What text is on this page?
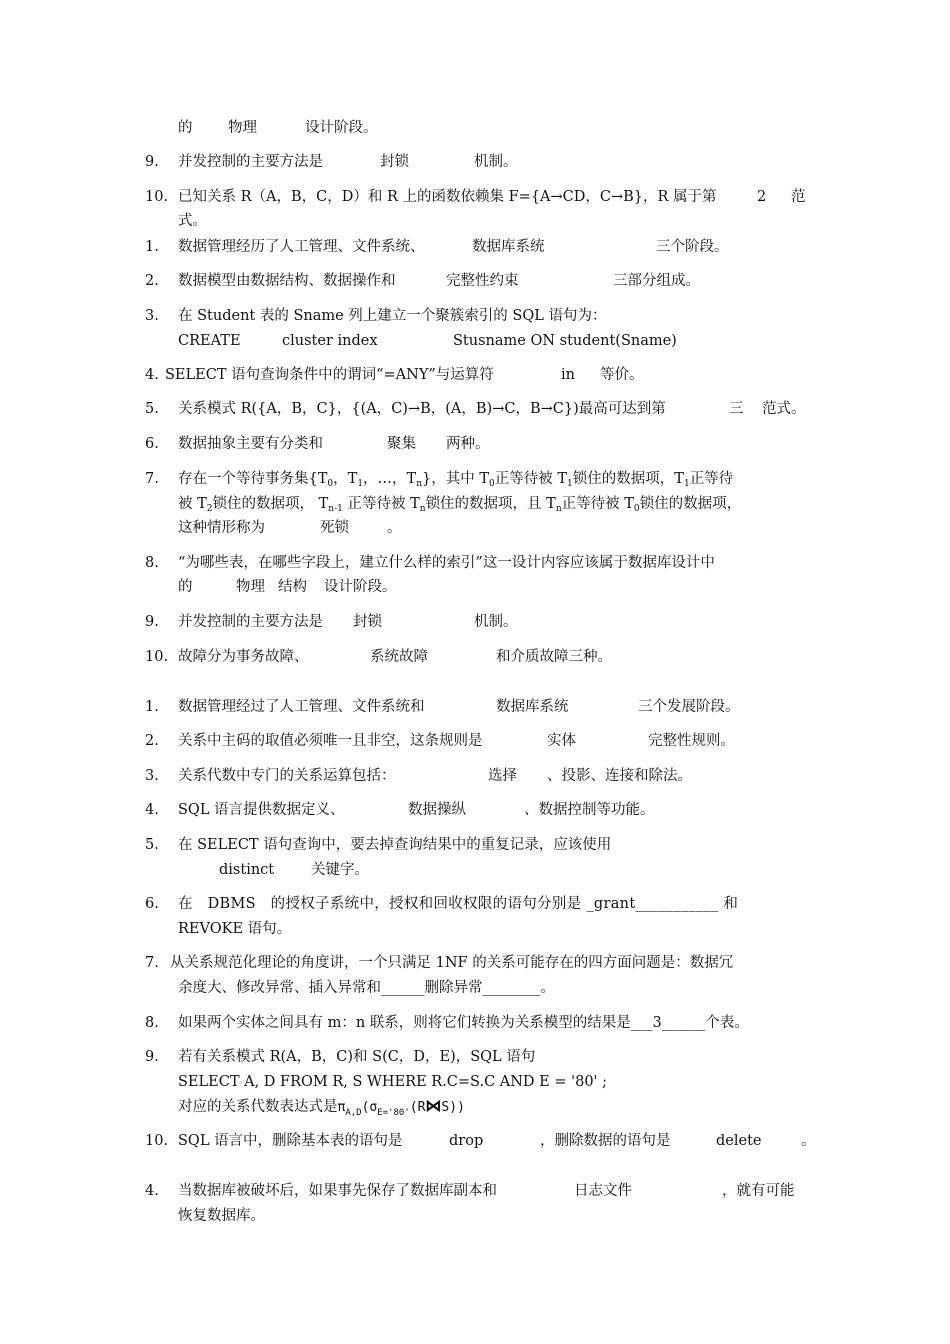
的 物理	设计阶段。
9. 并发控制的主要方法是	封锁	机制。
10. 已知关系 R（A，B，C，D）和 R 上的函数依赖集 F={A→CD，C→B}，R 属于第	2 范
式。
1. 数据管理经历了人工管理、文件系统、	数据库系统	三个阶段。
2. 数据模型由数据结构、数据操作和	完整性约束	三部分组成。
3. 在 Student 表的 Sname 列上建立一个聚簇索引的 SQL 语句为：
CREATE	cluster index	Stusname ON student(Sname)
4. SELECT 语句查询条件中的谓词“=ANY”与运算符	in 等价。
5. 关系模式 R({A，B，C}，{(A，C)→B，(A，B)→C，B→C})最高可达到第	三 范式。
6. 数据抽象主要有分类和	聚集 两种。
7. 存在一个等待事务集{$T_0$，$T_1$，…，$T_n$}，其中 $T_0$正等待被 $T_1$锁住的数据项，$T_1$正等待
被 $T_2$锁住的数据项， $T_{n-1}$ 正等待被 $T_n$锁住的数据项，且 $T_n$正等待被 $T_0$锁住的数据项，
这种情形称为	死锁	。
8. “为哪些表，在哪些字段上，建立什么样的索引”这一设计内容应该属于数据库设计中
的	物理 结构 设计阶段。
9. 并发控制的主要方法是 封锁	机制。
10. 故障分为事务故障、	系统故障	和介质故障三种。
1. 数据管理经过了人工管理、文件系统和	数据库系统	三个发展阶段。
2. 关系中主码的取值必须唯一且非空，这条规则是	实体	完整性规则。
3. 关系代数中专门的关系运算包括：	选择 、投影、连接和除法。
4. SQL 语言提供数据定义、	数据操纵	、数据控制等功能。
5. 在 SELECT 语句查询中，要去掉查询结果中的重复记录，应该使用
distinct	关键字。
6. 在　DBMS　的授权子系统中，授权和回收权限的语句分别是 _grant___________ 和
REVOKE 语句。
7. 从关系规范化理论的角度讲，一个只满足 1NF 的关系可能存在的四方面问题是：数据冗
余度大、修改异常、插入异常和______删除异常________。
8. 如果两个实体之间具有 m：n 联系，则将它们转换为关系模型的结果是___3______个表。
9. 若有关系模式 R(A，B，C)和 S(C，D，E)，SQL 语句
SELECT A, D FROM R, S WHERE R.C=S.C AND E = '80' ;
对应的关系代数表达式是$\pi_{A,D}(\sigma_{E='80'}(R⋈S))$
10. SQL 语言中，删除基本表的语句是	drop	，删除数据的语句是	delete	。
4. 当数据库被破坏后，如果事先保存了数据库副本和	日志文件	，就有可能
恢复数据库。
